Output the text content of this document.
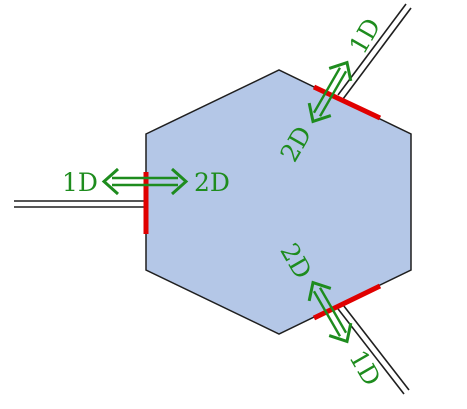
1D	2D
1D
2D
2D
1D
